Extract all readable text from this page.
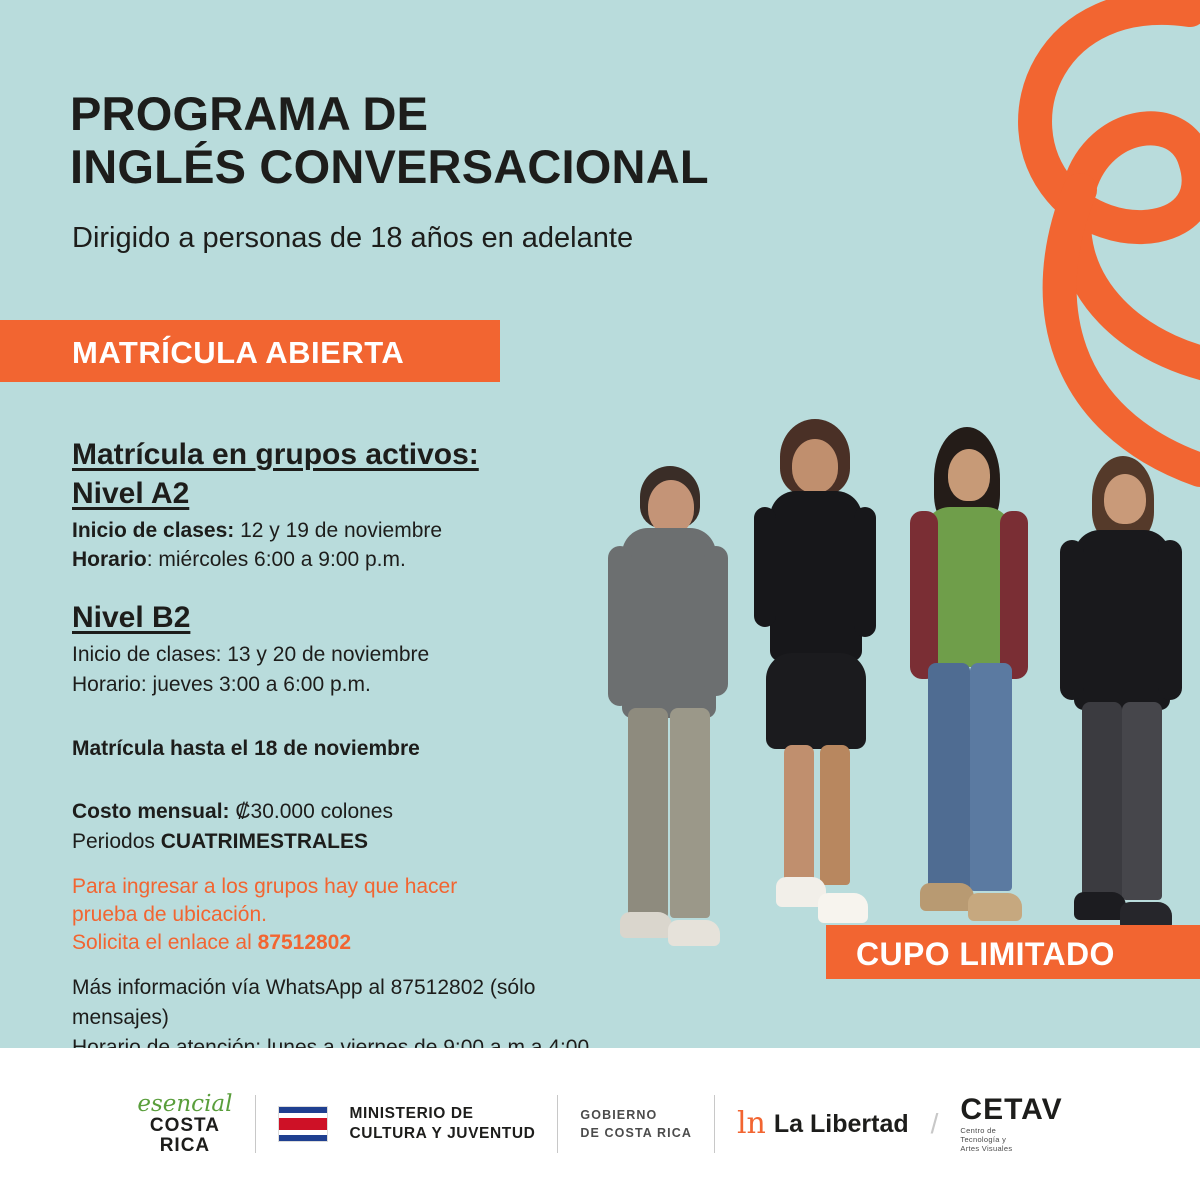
PROGRAMA DE
INGLÉS CONVERSACIONAL
Dirigido a personas de 18 años en adelante
MATRÍCULA ABIERTA

Matrícula en grupos activos:

Nivel A2

Inicio de clases: 12 y 19 de noviembre

Horario: miércoles 6:00 a 9:00 p.m.

Nivel B2

Inicio de clases: 13 y 20 de noviembre

Horario: jueves 3:00 a 6:00 p.m.

Matrícula hasta el 18 de noviembre

Costo mensual: ₡30.000 colones

Periodos CUATRIMESTRALES

Para ingresar a los grupos hay que hacer

prueba de ubicación.

Solicita el enlace al 87512802

Más información vía WhatsApp al 87512802 (sólo mensajes)

CUPO LIMITADO
esencial
COSTA
RICA
MINISTERIO DE
CULTURA Y JUVENTUD
GOBIERNO
DE COSTA RICA ln La Libertad / CETAV
Centro de
Tecnología y
Artes Visuales
